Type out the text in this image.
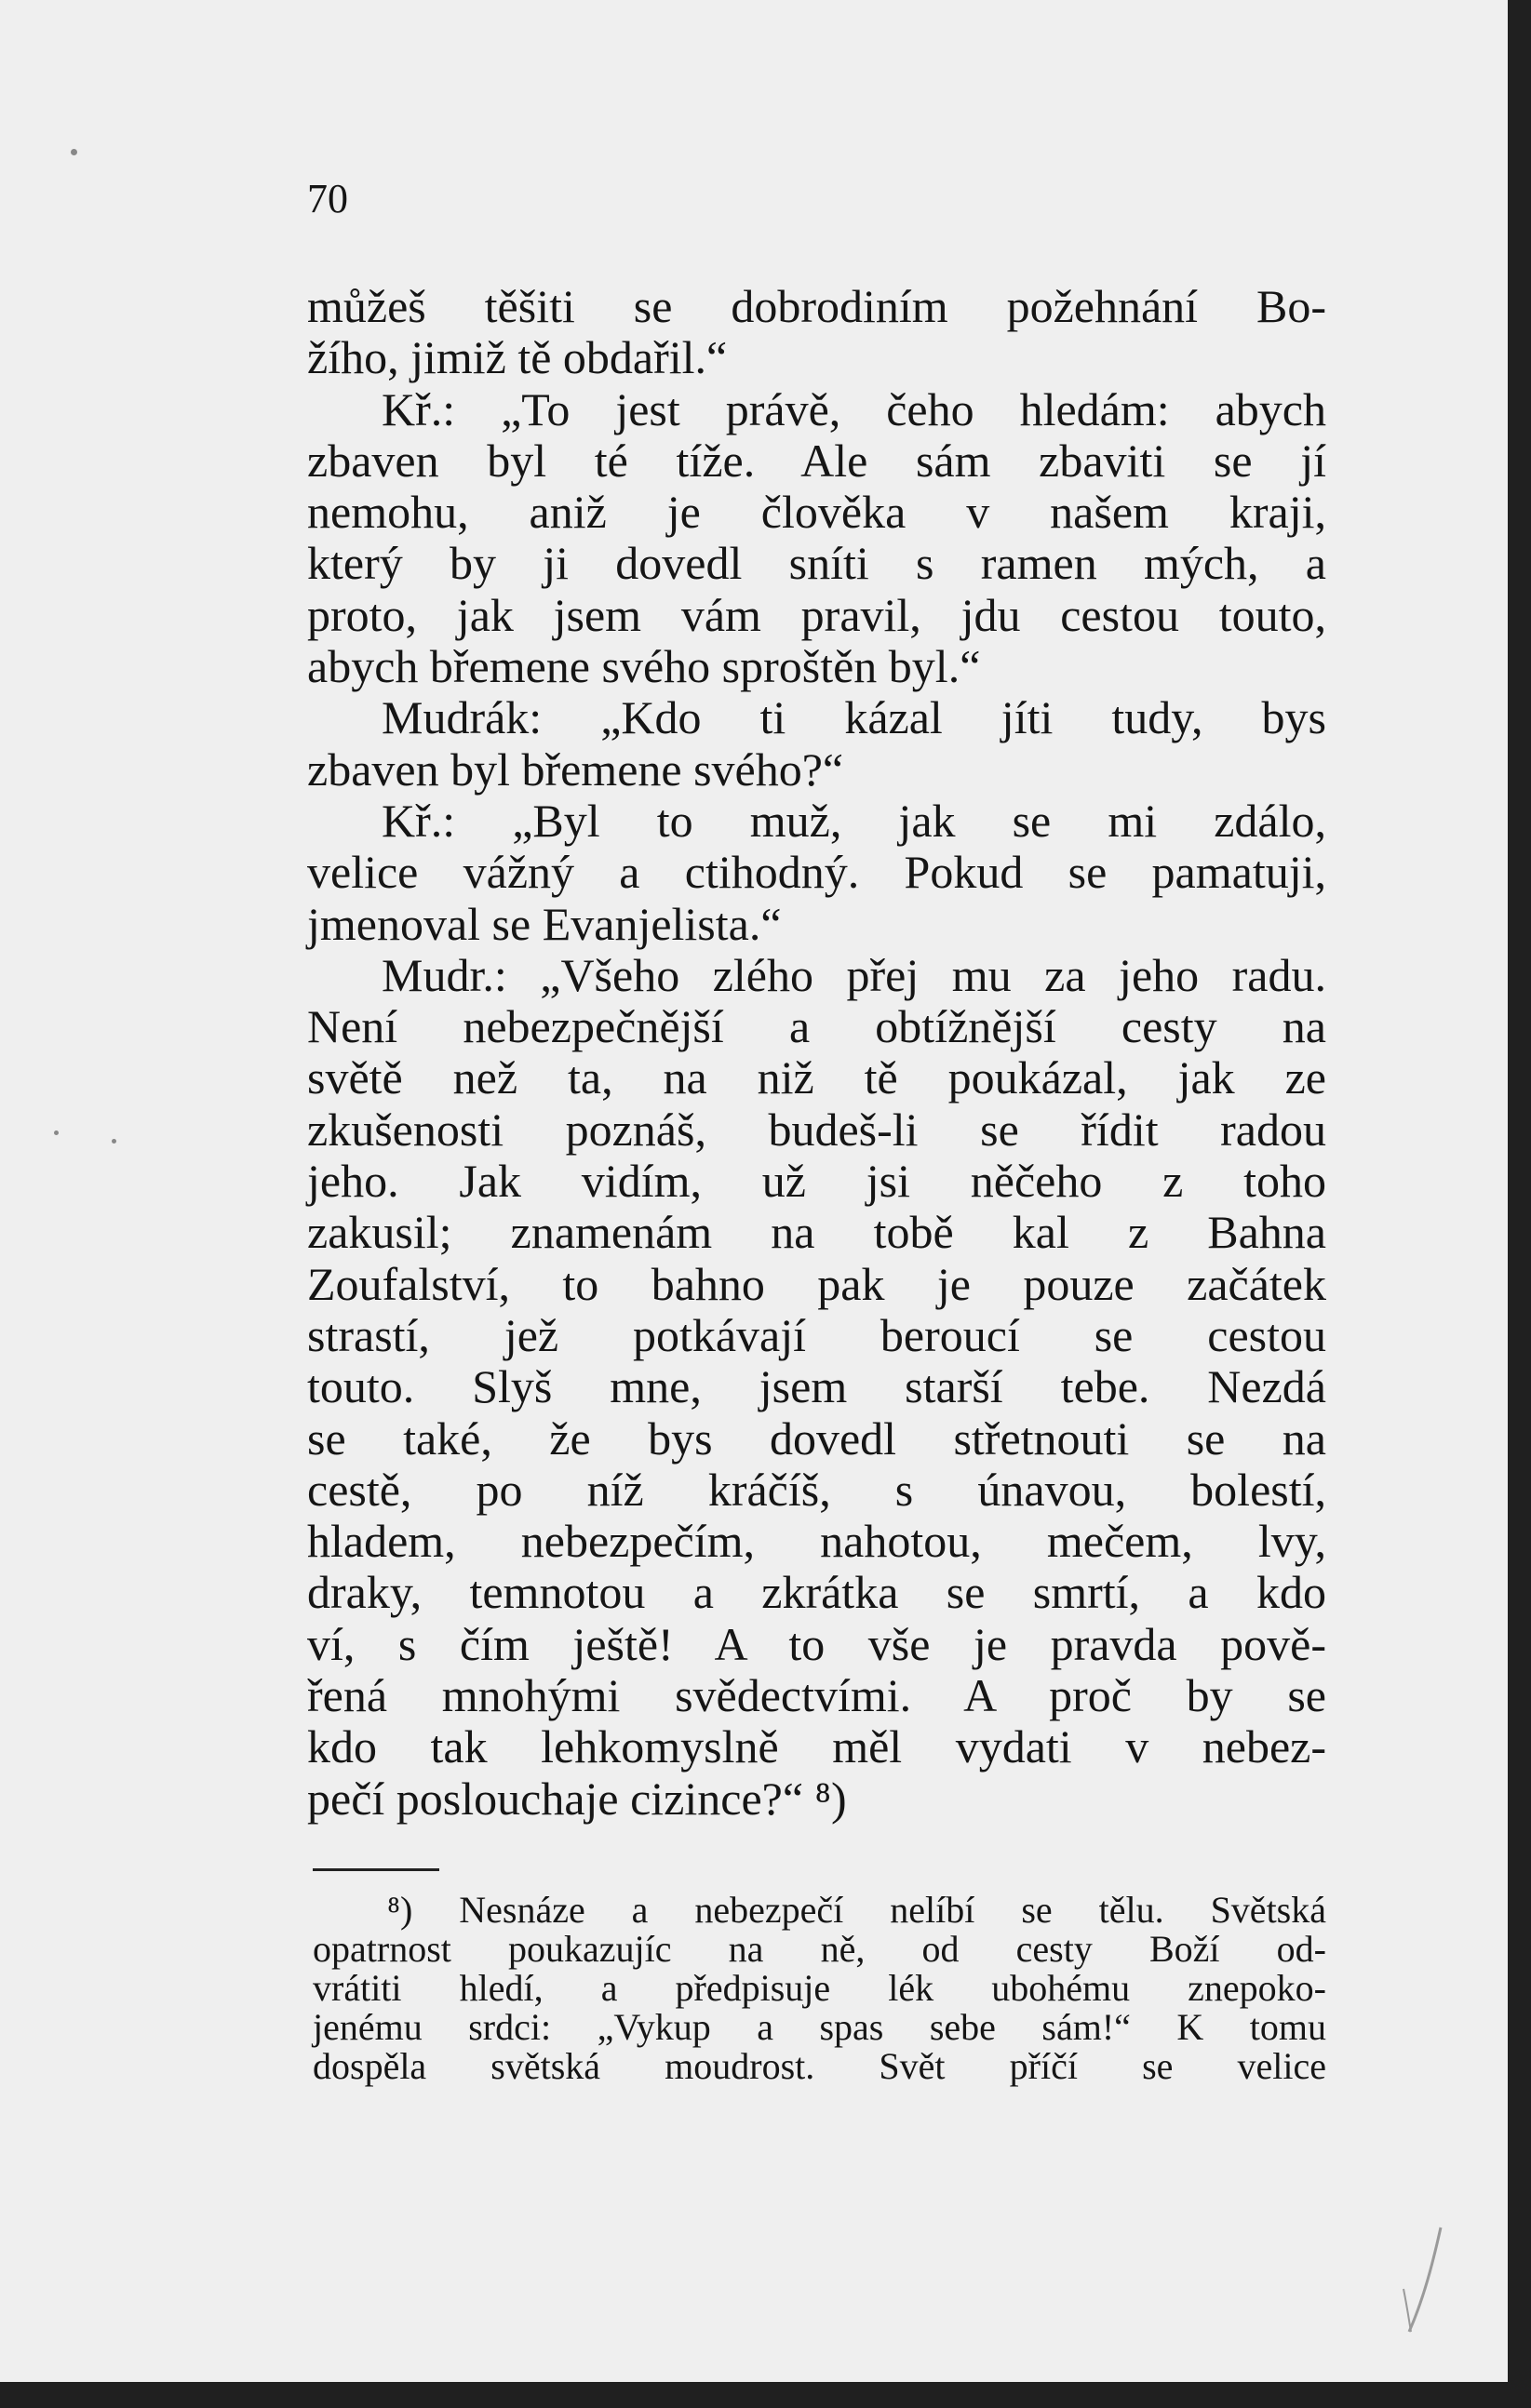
70
můžeš těšiti se dobrodiním požehnání Bo-
žího, jimiž tě obdařil.“
Kř.: „To jest právě, čeho hledám: abych
zbaven byl té tíže. Ale sám zbaviti se jí
nemohu, aniž je člověka v našem kraji,
který by ji dovedl sníti s ramen mých, a
proto, jak jsem vám pravil, jdu cestou touto,
abych břemene svého sproštěn byl.“
Mudrák: „Kdo ti kázal jíti tudy, bys
zbaven byl břemene svého?“
Kř.: „Byl to muž, jak se mi zdálo,
velice vážný a ctihodný. Pokud se pamatuji,
jmenoval se Evanjelista.“
Mudr.: „Všeho zlého přej mu za jeho radu.
Není nebezpečnější a obtížnější cesty na
světě než ta, na niž tě poukázal, jak ze
zkušenosti poznáš, budeš-li se řídit radou
jeho. Jak vidím, už jsi něčeho z toho
zakusil; znamenám na tobě kal z Bahna
Zoufalství, to bahno pak je pouze začátek
strastí, jež potkávají beroucí se cestou
touto. Slyš mne, jsem starší tebe. Nezdá
se také, že bys dovedl střetnouti se na
cestě, po níž kráčíš, s únavou, bolestí,
hladem, nebezpečím, nahotou, mečem, lvy,
draky, temnotou a zkrátka se smrtí, a kdo
ví, s čím ještě! A to vše je pravda pově-
řená mnohými svědectvími. A proč by se
kdo tak lehkomyslně měl vydati v nebez-
pečí poslouchaje cizince?“ ⁸)
⁸) Nesnáze a nebezpečí nelíbí se tělu. Světská
opatrnost poukazujíc na ně, od cesty Boží od-
vrátiti hledí, a předpisuje lék ubohému znepoko-
jenému srdci: „Vykup a spas sebe sám!“ K tomu
dospěla světská moudrost. Svět příčí se velice
